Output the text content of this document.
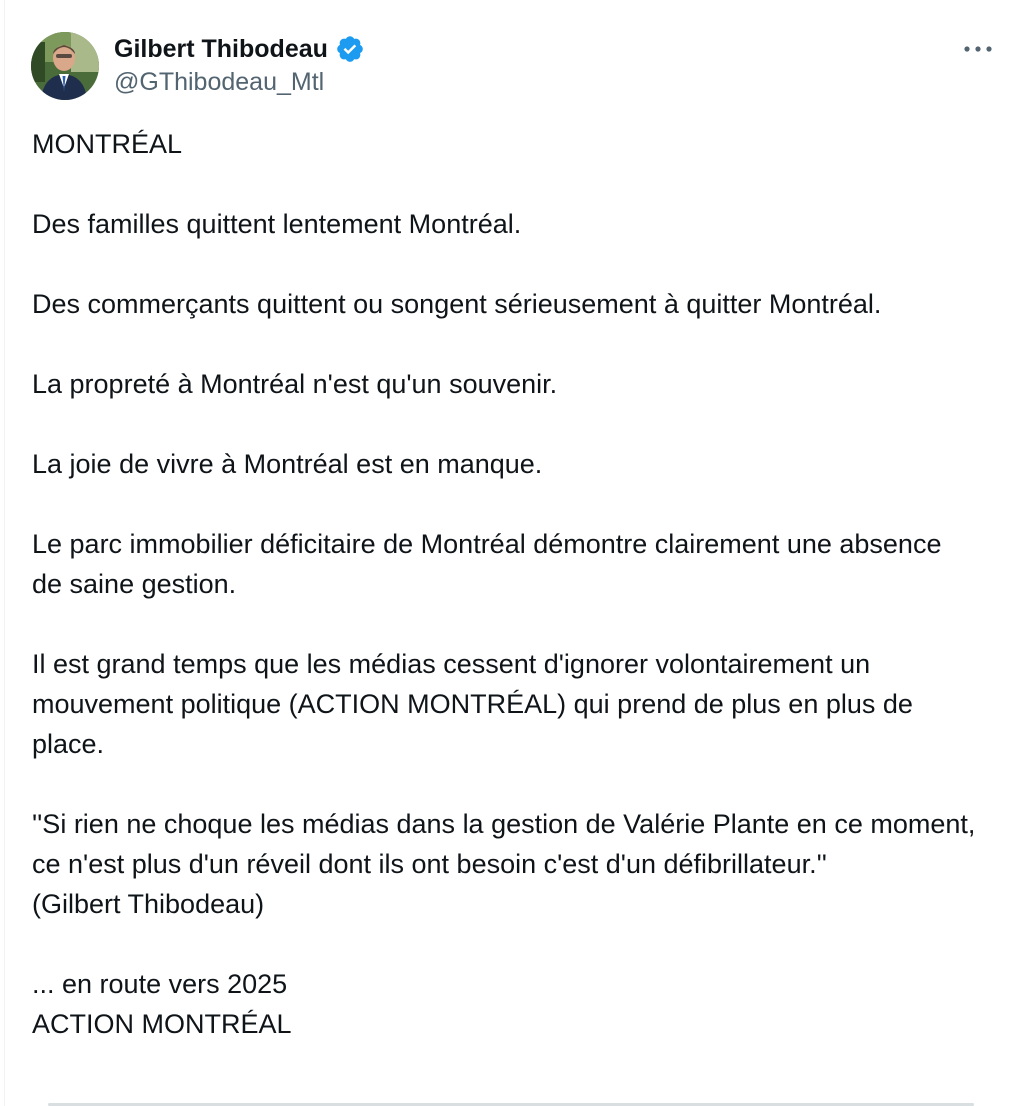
Gilbert Thibodeau
@GThibodeau_Mtl
MONTRÉAL
Des familles quittent lentement Montréal.
Des commerçants quittent ou songent sérieusement à quitter Montréal.
La propreté à Montréal n'est qu'un souvenir.
La joie de vivre à Montréal est en manque.
Le parc immobilier déficitaire de Montréal démontre clairement une absence de saine gestion.
Il est grand temps que les médias cessent d'ignorer volontairement un mouvement politique (ACTION MONTRÉAL) qui prend de plus en plus de place.
''Si rien ne choque les médias dans la gestion de Valérie Plante en ce moment, ce n'est plus d'un réveil dont ils ont besoin c'est d'un défibrillateur.''
(Gilbert Thibodeau)
... en route vers 2025
ACTION MONTRÉAL
